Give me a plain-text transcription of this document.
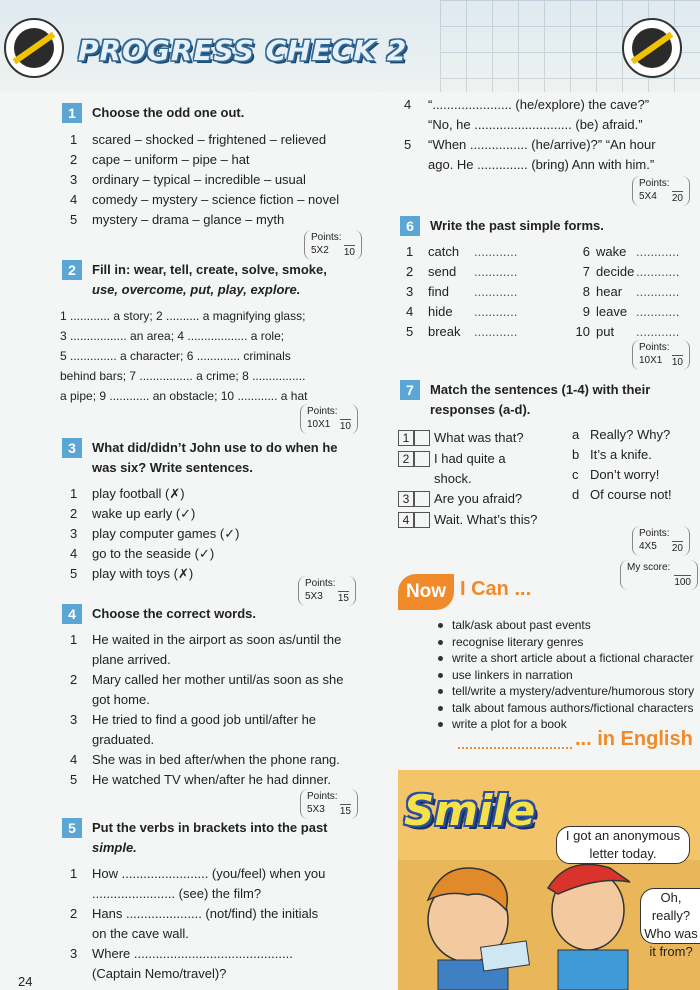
PROGRESS CHECK 2
1	Choose the odd one out.
1 scared – shocked – frightened – relieved
2 cape – uniform – pipe – hat
3 ordinary – typical – incredible – usual
4 comedy – mystery – science fiction – novel
5 mystery – drama – glance – myth
Points:
5X2 10
2	Fill in: wear, tell, create, solve, smoke,
use, overcome, put, play, explore.
1 ............ a story; 2 .......... a magnifying glass;
3 ................. an area; 4 .................. a role;
5 .............. a character; 6 ............. criminals
behind bars; 7 ................ a crime; 8 ................
a pipe; 9 ............ an obstacle; 10 ............ a hat
Points:
10X1 10
3	What did/didn’t John use to do when he
was six? Write sentences.
1 play football (✗)
2 wake up early (✓)
3 play computer games (✓)
4 go to the seaside (✓)
5 play with toys (✗)
Points:
5X3 15
4	Choose the correct words.
1 He waited in the airport as soon as/until the
plane arrived.
2 Mary called her mother until/as soon as she
got home.
3 He tried to find a good job until/after he
graduated.
4 She was in bed after/when the phone rang.
5 He watched TV when/after he had dinner.
Points:
5X3 15
5	Put the verbs in brackets into the past
simple.
1 How ........................ (you/feel) when you
....................... (see) the film?
2 Hans ..................... (not/find) the initials
on the cave wall.
3 Where ............................................
(Captain Nemo/travel)?
24
4 “...................... (he/explore) the cave?”
“No, he ........................... (be) afraid.”
5 “When ................ (he/arrive)?” “An hour
ago. He .............. (bring) Ann with him.”
Points:
5X4 20
6	Write the past simple forms.
1 catch ............
2 send ............
3 find ............
4 hide ............
5 break ............
6 wake ............
7 decide ............
8 hear ............
9 leave ............
10 put ............
Points:
10X1 10
7	Match the sentences (1-4) with their
responses (a-d).
1	What was that?
2	I had quite a
shock.
3	Are you afraid?
4	Wait. What’s this?
a Really? Why?
b It’s a knife.
c Don’t worry!
d Of course not!
Points:
4X5 20
My score:
100
Now I Can ...
talk/ask about past events
recognise literary genres
write a short article about a fictional character
use linkers in narration
tell/write a mystery/adventure/humorous story
talk about famous authors/fictional characters
write a plot for a book
... in English
Smile
I got an anonymous letter today.
Oh, really? Who was it from?
